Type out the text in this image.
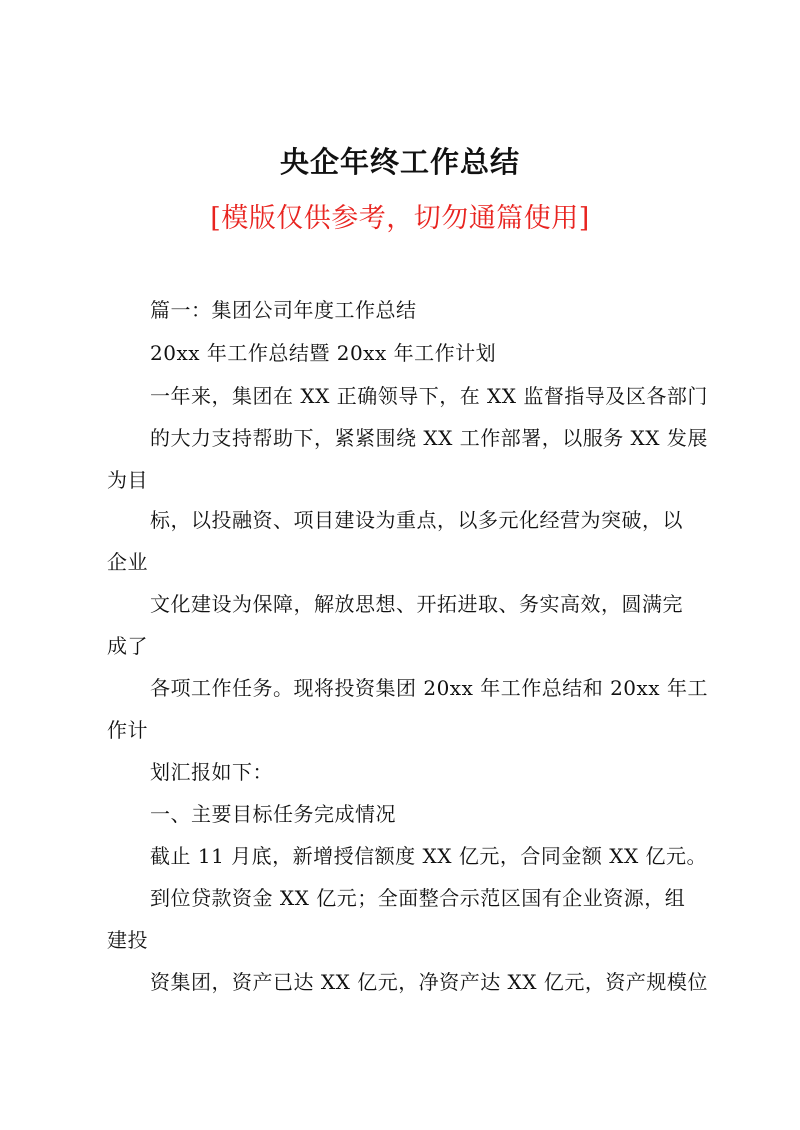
央企年终工作总结
[模版仅供参考，切勿通篇使用]
篇一：集团公司年度工作总结
20xx 年工作总结暨 20xx 年工作计划
一年来，集团在 XX 正确领导下，在 XX 监督指导及区各部门
的大力支持帮助下，紧紧围绕 XX 工作部署，以服务 XX 发展
为目
标，以投融资、项目建设为重点，以多元化经营为突破，以
企业
文化建设为保障，解放思想、开拓进取、务实高效，圆满完
成了
各项工作任务。现将投资集团 20xx 年工作总结和 20xx 年工
作计
划汇报如下：
一、主要目标任务完成情况
截止 11 月底，新增授信额度 XX 亿元，合同金额 XX 亿元。
到位贷款资金 XX 亿元；全面整合示范区国有企业资源，组
建投
资集团，资产已达 XX 亿元，净资产达 XX 亿元，资产规模位
